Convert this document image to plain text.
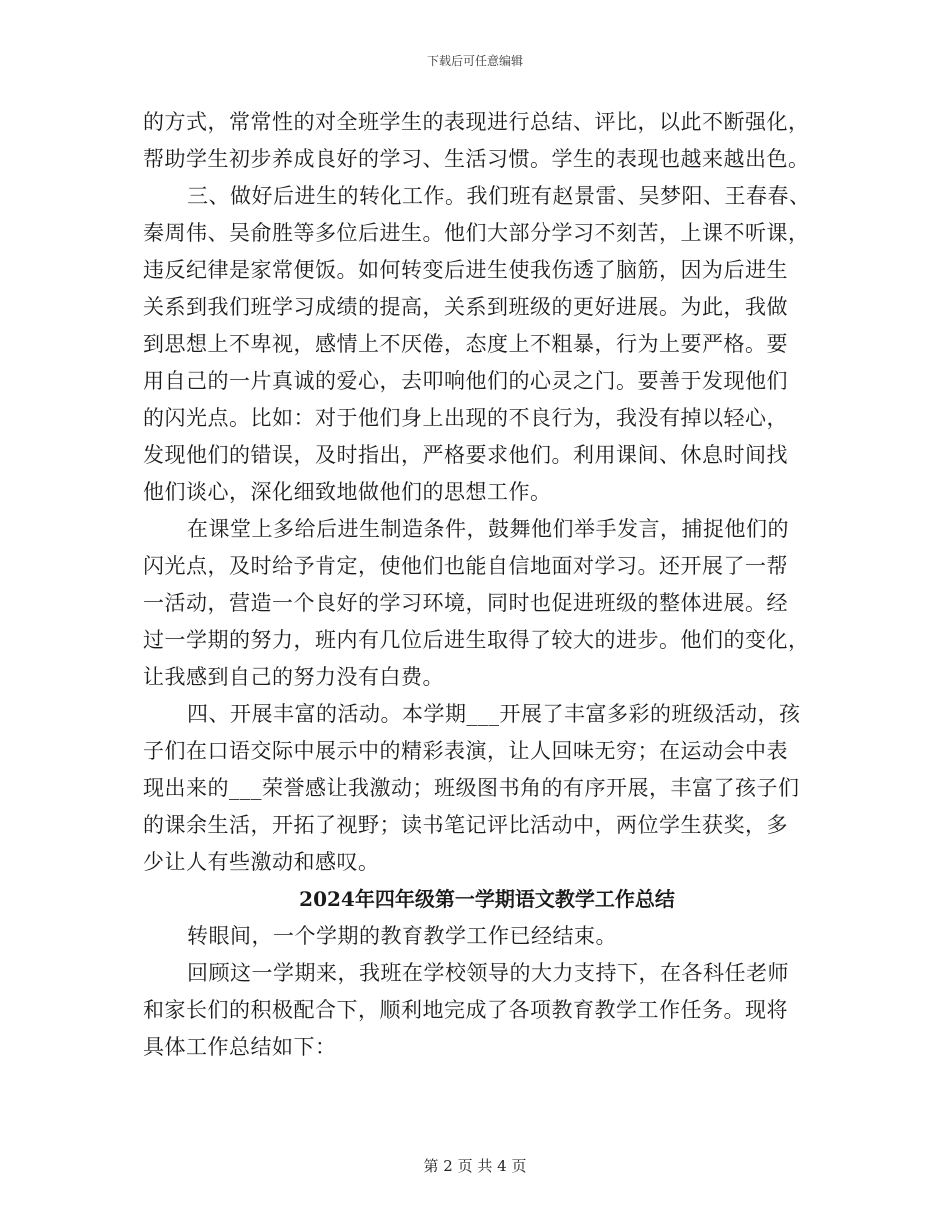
下载后可任意编辑
的方式，常常性的对全班学生的表现进行总结、评比，以此不断强化，
帮助学生初步养成良好的学习、生活习惯。学生的表现也越来越出色。
三、做好后进生的转化工作。我们班有赵景雷、吴梦阳、王春春、
秦周伟、吴俞胜等多位后进生。他们大部分学习不刻苦，上课不听课，
违反纪律是家常便饭。如何转变后进生使我伤透了脑筋，因为后进生
关系到我们班学习成绩的提高，关系到班级的更好进展。为此，我做
到思想上不卑视，感情上不厌倦，态度上不粗暴，行为上要严格。要
用自己的一片真诚的爱心，去叩响他们的心灵之门。要善于发现他们
的闪光点。比如：对于他们身上出现的不良行为，我没有掉以轻心，
发现他们的错误，及时指出，严格要求他们。利用课间、休息时间找
他们谈心，深化细致地做他们的思想工作。
在课堂上多给后进生制造条件，鼓舞他们举手发言，捕捉他们的
闪光点，及时给予肯定，使他们也能自信地面对学习。还开展了一帮
一活动，营造一个良好的学习环境，同时也促进班级的整体进展。经
过一学期的努力，班内有几位后进生取得了较大的进步。他们的变化，
让我感到自己的努力没有白费。
四、开展丰富的活动。本学期___开展了丰富多彩的班级活动，孩
子们在口语交际中展示中的精彩表演，让人回味无穷；在运动会中表
现出来的___荣誉感让我激动；班级图书角的有序开展，丰富了孩子们
的课余生活，开拓了视野；读书笔记评比活动中，两位学生获奖，多
少让人有些激动和感叹。
2024年四年级第一学期语文教学工作总结
转眼间，一个学期的教育教学工作已经结束。
回顾这一学期来，我班在学校领导的大力支持下，在各科任老师
和家长们的积极配合下，顺利地完成了各项教育教学工作任务。现将
具体工作总结如下：
第 2 页 共 4 页
